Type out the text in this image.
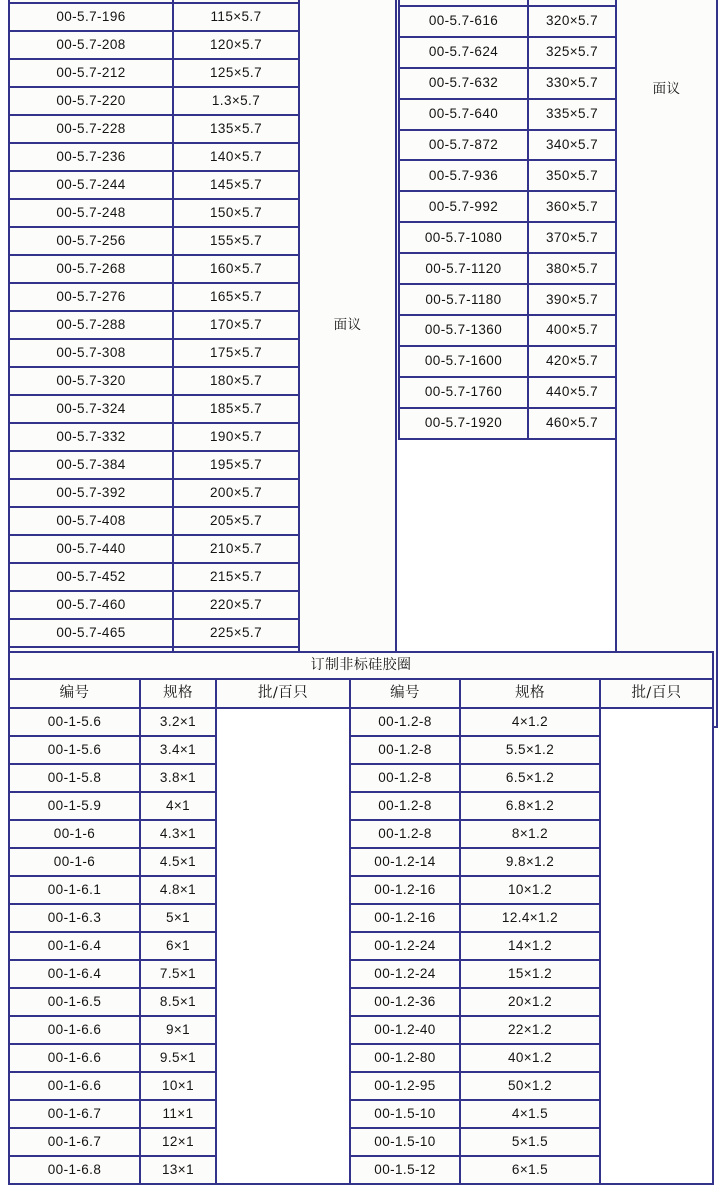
		面议
00-5.7-196	115×5.7	
00-5.7-208	120×5.7	
00-5.7-212	125×5.7	
00-5.7-220	1.3×5.7	
00-5.7-228	135×5.7	
00-5.7-236	140×5.7	
00-5.7-244	145×5.7	
00-5.7-248	150×5.7	
00-5.7-256	155×5.7	
00-5.7-268	160×5.7	
00-5.7-276	165×5.7	
00-5.7-288	170×5.7	
00-5.7-308	175×5.7	
00-5.7-320	180×5.7	
00-5.7-324	185×5.7	
00-5.7-332	190×5.7	
00-5.7-384	195×5.7	
00-5.7-392	200×5.7	
00-5.7-408	205×5.7	
00-5.7-440	210×5.7	
00-5.7-452	215×5.7	
00-5.7-460	220×5.7	
00-5.7-465	225×5.7	

		面议
00-5.7-616	320×5.7	
00-5.7-624	325×5.7	
00-5.7-632	330×5.7	
00-5.7-640	335×5.7	
00-5.7-872	340×5.7	
00-5.7-936	350×5.7	
00-5.7-992	360×5.7	
00-5.7-1080	370×5.7	
00-5.7-1120	380×5.7	
00-5.7-1180	390×5.7	
00-5.7-1360	400×5.7	
00-5.7-1600	420×5.7	
00-5.7-1760	440×5.7	
00-5.7-1920	460×5.7	

订制非标硅胶圈					
编号	规格	批/百只	编号	规格	批/百只
00-1-5.6	3.2×1		00-1.2-8	4×1.2	
00-1-5.6	3.4×1		00-1.2-8	5.5×1.2	
00-1-5.8	3.8×1		00-1.2-8	6.5×1.2	
00-1-5.9	4×1		00-1.2-8	6.8×1.2	
00-1-6	4.3×1		00-1.2-8	8×1.2	
00-1-6	4.5×1		00-1.2-14	9.8×1.2	
00-1-6.1	4.8×1		00-1.2-16	10×1.2	
00-1-6.3	5×1		00-1.2-16	12.4×1.2	
00-1-6.4	6×1		00-1.2-24	14×1.2	
00-1-6.4	7.5×1		00-1.2-24	15×1.2	
00-1-6.5	8.5×1		00-1.2-36	20×1.2	
00-1-6.6	9×1		00-1.2-40	22×1.2	
00-1-6.6	9.5×1		00-1.2-80	40×1.2	
00-1-6.6	10×1		00-1.2-95	50×1.2	
00-1-6.7	11×1		00-1.5-10	4×1.5	
00-1-6.7	12×1		00-1.5-10	5×1.5	
00-1-6.8	13×1		00-1.5-12	6×1.5	
